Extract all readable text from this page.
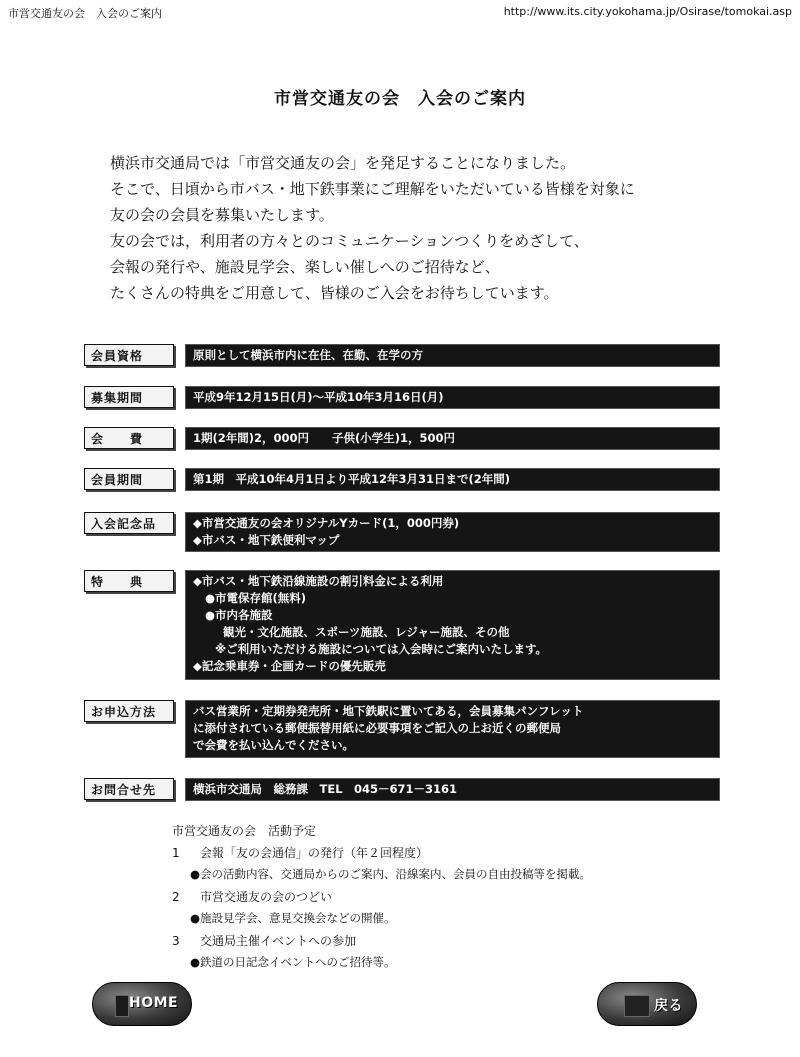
市営交通友の会　入会のご案内	http://www.its.city.yokohama.jp/Osirase/tomokai.asp
市営交通友の会　入会のご案内
横浜市交通局では「市営交通友の会」を発足することになりました。
そこで、日頃から市バス・地下鉄事業にご理解をいただいている皆様を対象に
友の会の会員を募集いたします。
友の会では，利用者の方々とのコミュニケーションつくりをめざして、
会報の発行や、施設見学会、楽しい催しへのご招待など、
たくさんの特典をご用意して、皆様のご入会をお待ちしています。
会員資格	原則として横浜市内に在住、在勤、在学の方
募集期間	平成9年12月15日(月)～平成10年3月16日(月)
会　　費	1期(2年間)2，000円　　子供(小学生)1，500円
会員期間	第1期　平成10年4月1日より平成12年3月31日まで(2年間)
入会記念品	◆市営交通友の会オリジナルYカード(1，000円券)
◆市バス・地下鉄便利マップ
特　　典	◆市バス・地下鉄沿線施設の割引料金による利用
●市電保存館(無料)
●市内各施設
観光・文化施設、スポーツ施設、レジャー施設、その他
※ご利用いただける施設については入会時にご案内いたします。
◆記念乗車券・企画カードの優先販売
お申込方法	バス営業所・定期券発売所・地下鉄駅に置いてある，会員募集パンフレット
に添付されている郵便振替用紙に必要事項をご記入の上お近くの郵便局
で会費を払い込んでください。
お問合せ先	横浜市交通局　総務課　TEL　045－671－3161
市営交通友の会　活動予定
1 会報「友の会通信」の発行（年２回程度）
●会の活動内容、交通局からのご案内、沿線案内、会員の自由投稿等を掲載。
2 市営交通友の会のつどい
●施設見学会、意見交換会などの開催。
3 交通局主催イベントへの参加
●鉄道の日記念イベントへのご招待等。
HOME	戻る
